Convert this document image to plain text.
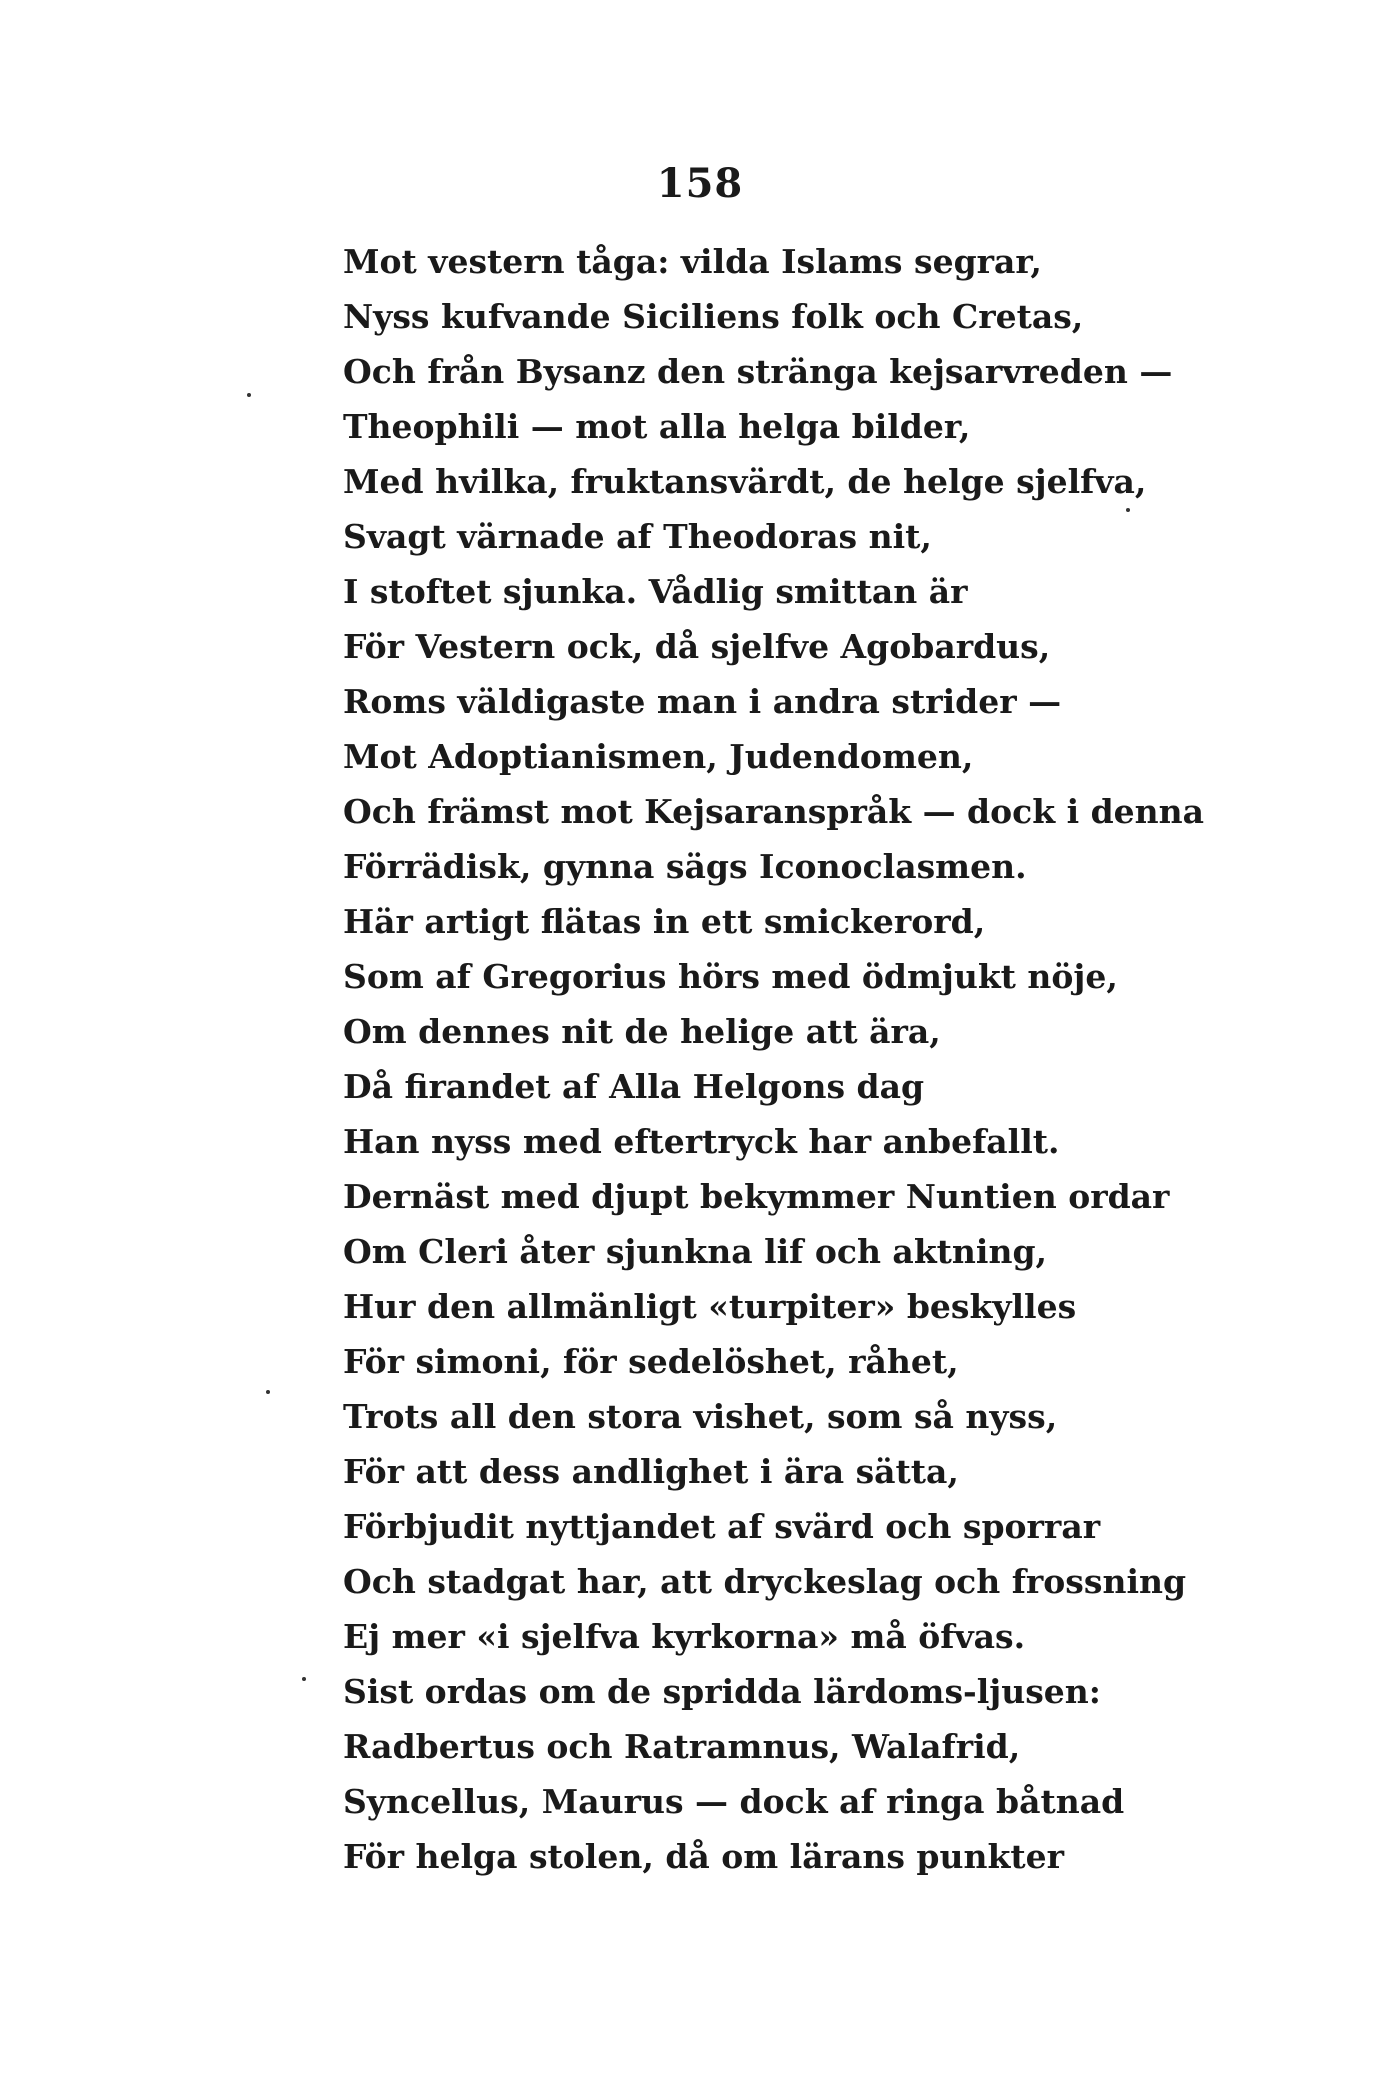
158
Mot vestern tåga: vilda Islams segrar,
Nyss kufvande Siciliens folk och Cretas,
Och från Bysanz den stränga kejsarvreden —
Theophili — mot alla helga bilder,
Med hvilka, fruktansvärdt, de helge sjelfva,
Svagt värnade af Theodoras nit,
I stoftet sjunka. Vådlig smittan är
För Vestern ock, då sjelfve Agobardus,
Roms väldigaste man i andra strider —
Mot Adoptianismen, Judendomen,
Och främst mot Kejsaranspråk — dock i denna
Förrädisk, gynna sägs Iconoclasmen.
Här artigt flätas in ett smickerord,
Som af Gregorius hörs med ödmjukt nöje,
Om dennes nit de helige att ära,
Då firandet af Alla Helgons dag
Han nyss med eftertryck har anbefallt.
Dernäst med djupt bekymmer Nuntien ordar
Om Cleri åter sjunkna lif och aktning,
Hur den allmänligt «turpiter» beskylles
För simoni, för sedelöshet, råhet,
Trots all den stora vishet, som så nyss,
För att dess andlighet i ära sätta,
Förbjudit nyttjandet af svärd och sporrar
Och stadgat har, att dryckeslag och frossning
Ej mer «i sjelfva kyrkorna» må öfvas.
Sist ordas om de spridda lärdoms-ljusen:
Radbertus och Ratramnus, Walafrid,
Syncellus, Maurus — dock af ringa båtnad
För helga stolen, då om lärans punkter
